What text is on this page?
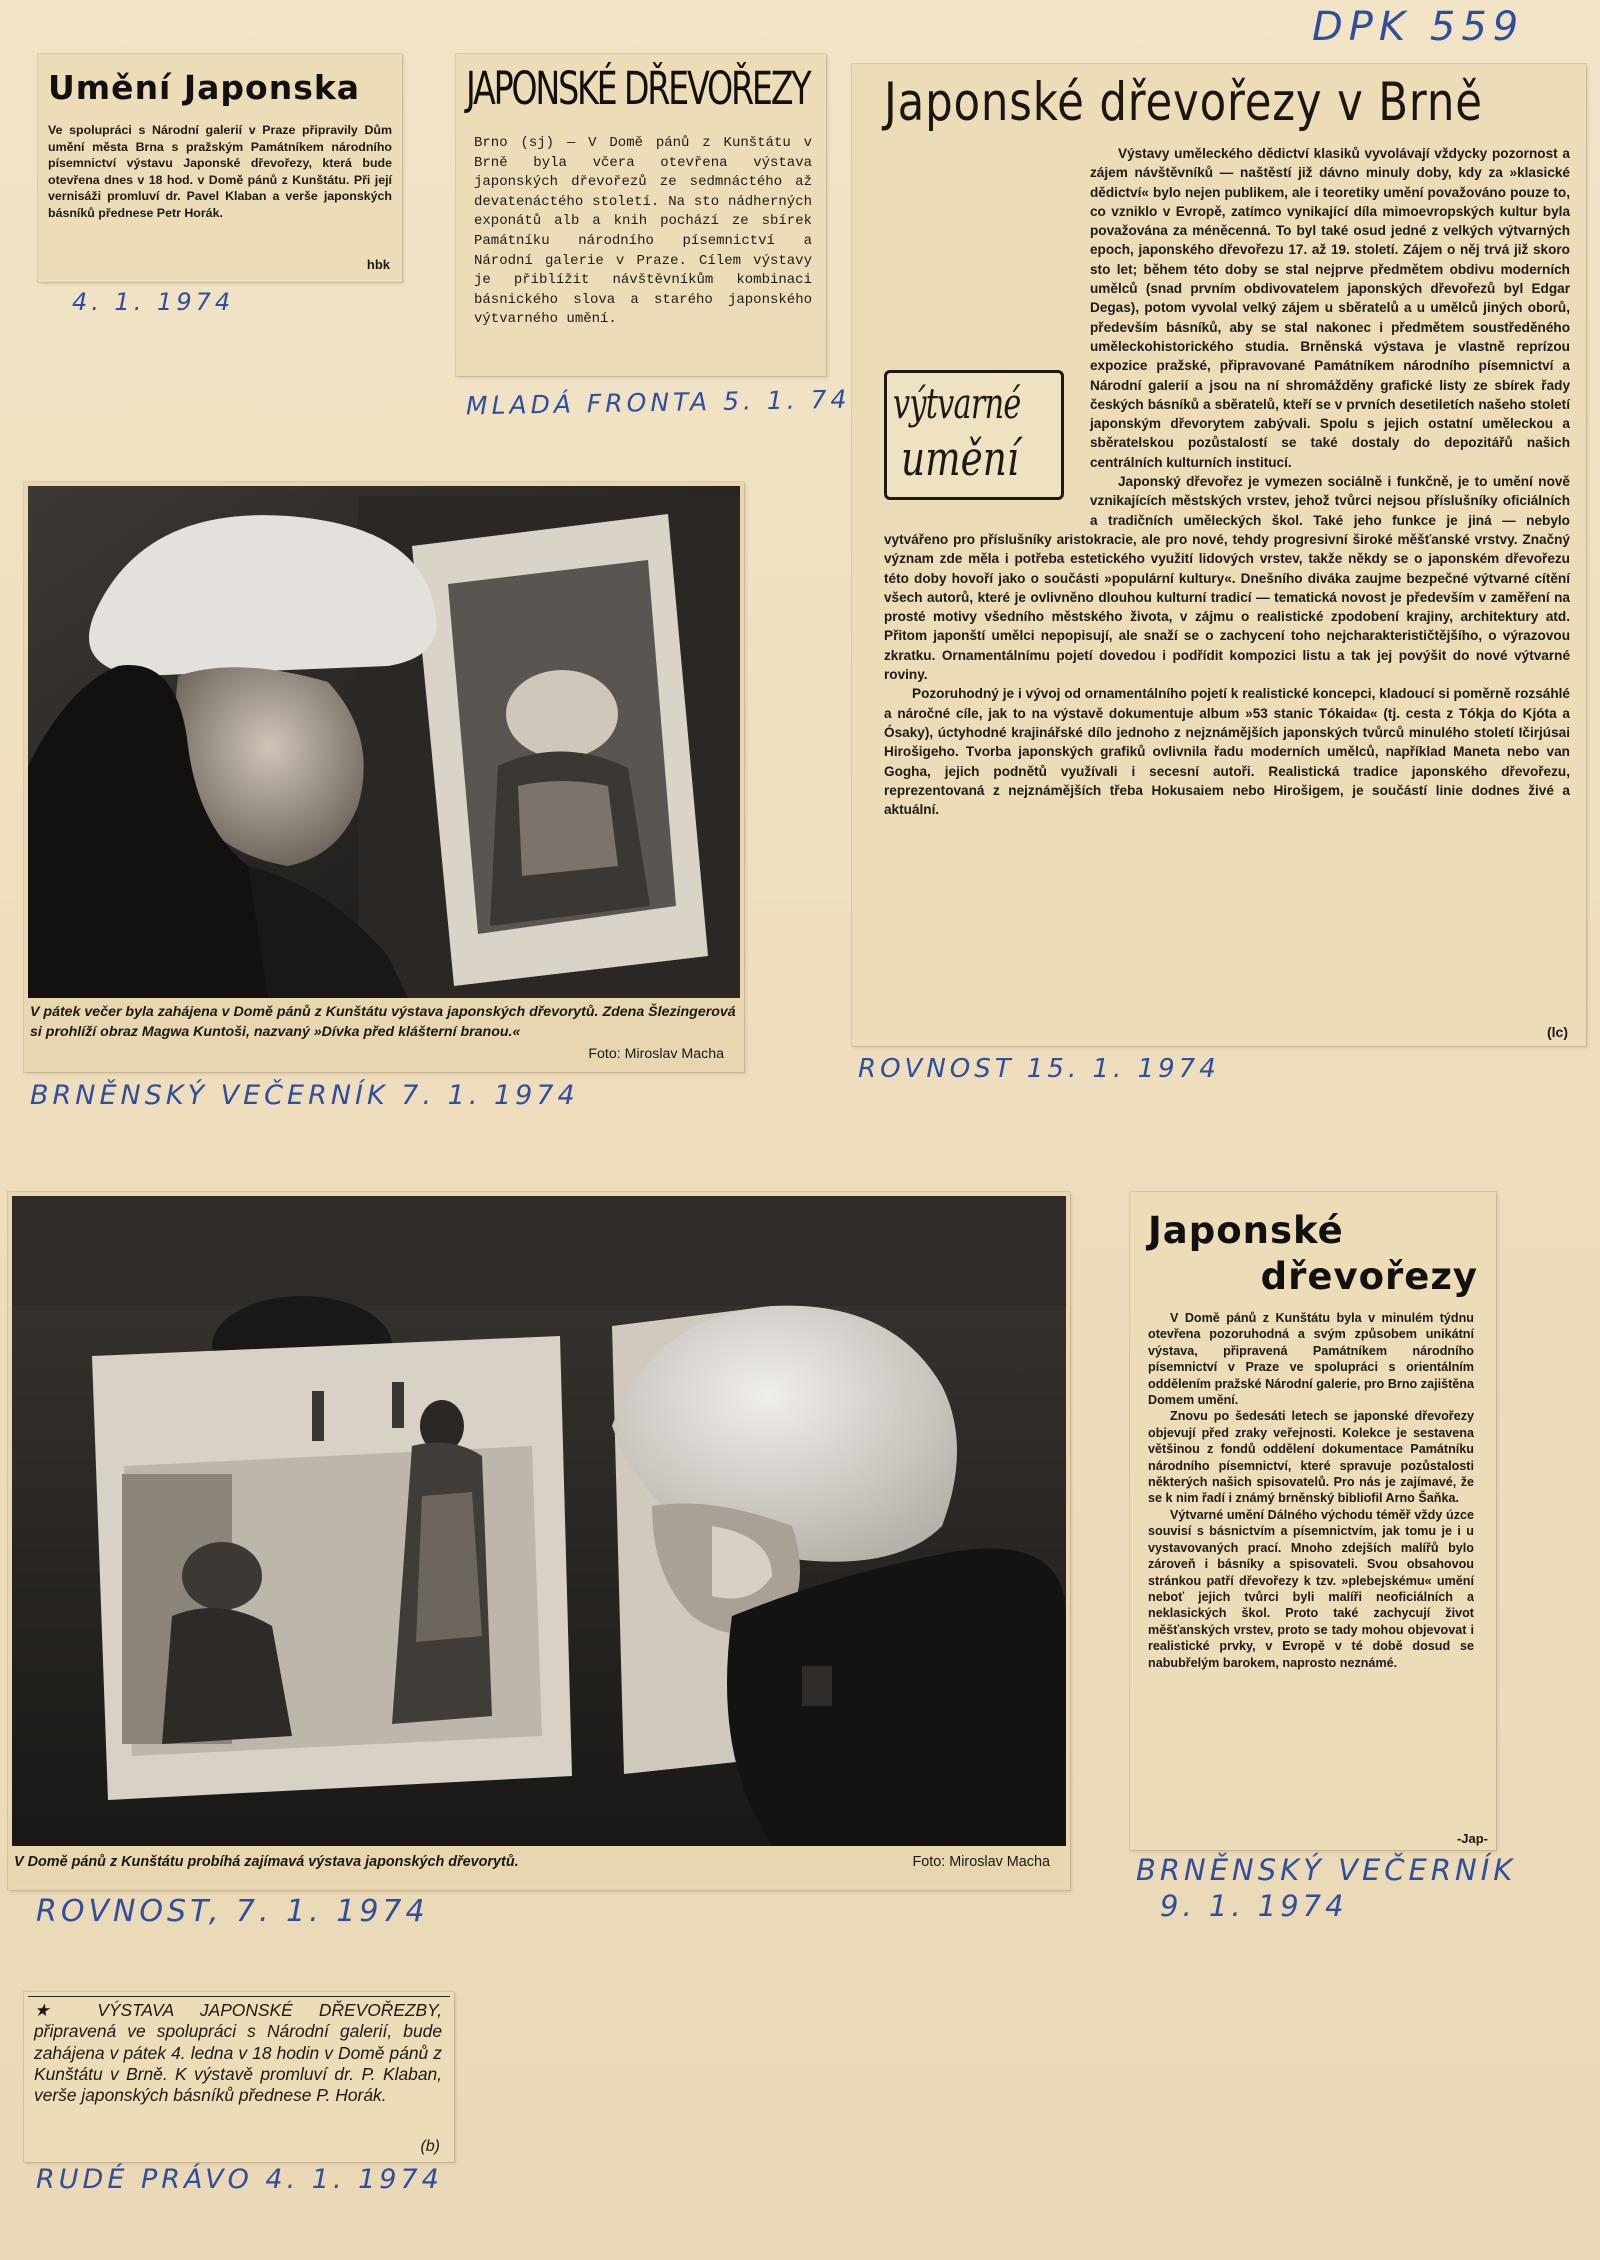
DPK 559
Umění Japonska

Ve spolupráci s Národní galerií v Praze připravily Dům umění města Brna s pražským Památníkem národního písemnictví výstavu Japonské dřevořezy, která bude otevřena dnes v 18 hod. v Domě pánů z Kunštátu. Při její vernisáži promluví dr. Pavel Klaban a verše japonských básníků přednese Petr Horák.

hbk
4. 1. 1974
JAPONSKÉ DŘEVOŘEZY

Brno (sj) — V Domě pánů z Kunštátu v Brně byla včera otevřena výstava japonských dřevořezů ze sedmnáctého až devatenáctého století. Na sto nádherných exponátů alb a knih pochází ze sbírek Památníku národního písemnictví a Národní galerie v Praze. Cílem výstavy je přiblížit návštěvníkům kombinaci básnického slova a starého japonského výtvarného umění.

MLADÁ FRONTA 5. 1. 74
Japonské dřevořezy v Brně
výtvarné
umění

Výstavy uměleckého dědictví klasiků vyvolávají vždycky pozornost a zájem návštěvníků — naštěstí již dávno minuly doby, kdy za »klasické dědictví« bylo nejen publikem, ale i teoretiky umění považováno pouze to, co vzniklo v Evropě, zatímco vynikající díla mimoevropských kultur byla považována za méněcenná. To byl také osud jedné z velkých výtvarných epoch, japonského dřevořezu 17. až 19. století. Zájem o něj trvá již skoro sto let; během této doby se stal nejprve předmětem obdivu moderních umělců (snad prvním obdivovatelem japonských dřevořezů byl Edgar Degas), potom vyvolal velký zájem u sběratelů a u umělců jiných oborů, především básníků, aby se stal nakonec i předmětem soustředěného uměleckohistorického studia. Brněnská výstava je vlastně reprízou expozice pražské, připravované Památníkem národního písemnictví a Národní galerií a jsou na ní shromážděny grafické listy ze sbírek řady českých básníků a sběratelů, kteří se v prvních desetiletích našeho století japonským dřevorytem zabývali. Spolu s jejich ostatní uměleckou a sběratelskou pozůstalostí se také dostaly do depozitářů našich centrálních kulturních institucí.

Japonský dřevořez je vymezen sociálně i funkčně, je to umění nově vznikajících městských vrstev, jehož tvůrci nejsou příslušníky oficiálních a tradičních uměleckých škol. Také jeho funkce je jiná — nebylo vytvářeno pro příslušníky aristokracie, ale pro nové, tehdy progresivní široké měšťanské vrstvy. Značný význam zde měla i potřeba estetického využití lidových vrstev, takže někdy se o japonském dřevořezu této doby hovoří jako o součásti »populární kultury«. Dnešního diváka zaujme bezpečné výtvarné cítění všech autorů, které je ovlivněno dlouhou kulturní tradicí — tematická novost je především v zaměření na prosté motivy všedního městského života, v zájmu o realistické zpodobení krajiny, architektury atd. Přitom japonští umělci nepopisují, ale snaží se o zachycení toho nejcharakterističtějšího, o výrazovou zkratku. Ornamentálnímu pojetí dovedou i podřídit kompozici listu a tak jej povýšit do nové výtvarné roviny.

Pozoruhodný je i vývoj od ornamentálního pojetí k realistické koncepci, kladoucí si poměrně rozsáhlé a náročné cíle, jak to na výstavě dokumentuje album »53 stanic Tókaida« (tj. cesta z Tókja do Kjóta a Ósaky), úctyhodné krajinářské dílo jednoho z nejznámějších japonských tvůrců minulého století Ičirjúsai Hirošigeho. Tvorba japonských grafiků ovlivnila řadu moderních umělců, například Maneta nebo van Gogha, jejich podnětů využívali i secesní autoři. Realistická tradice japonského dřevořezu, reprezentovaná z nejznámějších třeba Hokusaiem nebo Hirošigem, je součástí linie dodnes živé a aktuální.

(lc)
ROVNOST 15. 1. 1974
V pátek večer byla zahájena v Domě pánů z Kunštátu výstava japonských dřevorytů. Zdena Šlezingerová si prohlíží obraz Magwa Kuntoši, nazvaný »Dívka před klášterní branou.«
Foto: Miroslav Macha
BRNĚNSKÝ VEČERNÍK 7. 1. 1974
V Domě pánů z Kunštátu probíhá zajímavá výstava japonských dřevorytů.	Foto: Miroslav Macha
ROVNOST, 7. 1. 1974
Japonské
dřevořezy

V Domě pánů z Kunštátu byla v minulém týdnu otevřena pozoruhodná a svým způsobem unikátní výstava, připravená Památníkem národního písemnictví v Praze ve spolupráci s orientálním oddělením pražské Národní galerie, pro Brno zajištěna Domem umění.

Znovu po šedesáti letech se japonské dřevořezy objevují před zraky veřejnosti. Kolekce je sestavena většinou z fondů oddělení dokumentace Památníku národního písemnictví, které spravuje pozůstalosti některých našich spisovatelů. Pro nás je zajímavé, že se k nim řadí i známý brněnský bibliofil Arno Šaňka.

Výtvarné umění Dálného východu téměř vždy úzce souvisí s básnictvím a písemnictvím, jak tomu je i u vystavovaných prací. Mnoho zdejších malířů bylo zároveň i básníky a spisovateli. Svou obsahovou stránkou patří dřevořezy k tzv. »plebejskému« umění neboť jejich tvůrci byli malíři neoficiálních a neklasických škol. Proto také zachycují život měšťanských vrstev, proto se tady mohou objevovat i realistické prvky, v Evropě v té době dosud se nabubřelým barokem, naprosto neznámé.

-Jap-
BRNĚNSKÝ VEČERNÍK
9. 1. 1974

★ VÝSTAVA JAPONSKÉ DŘEVOŘEZBY, připravená ve spolupráci s Národní galerií, bude zahájena v pátek 4. ledna v 18 hodin v Domě pánů z Kunštátu v Brně. K výstavě promluví dr. P. Klaban, verše japonských básníků přednese P. Horák.

(b)
RUDÉ PRÁVO 4. 1. 1974
